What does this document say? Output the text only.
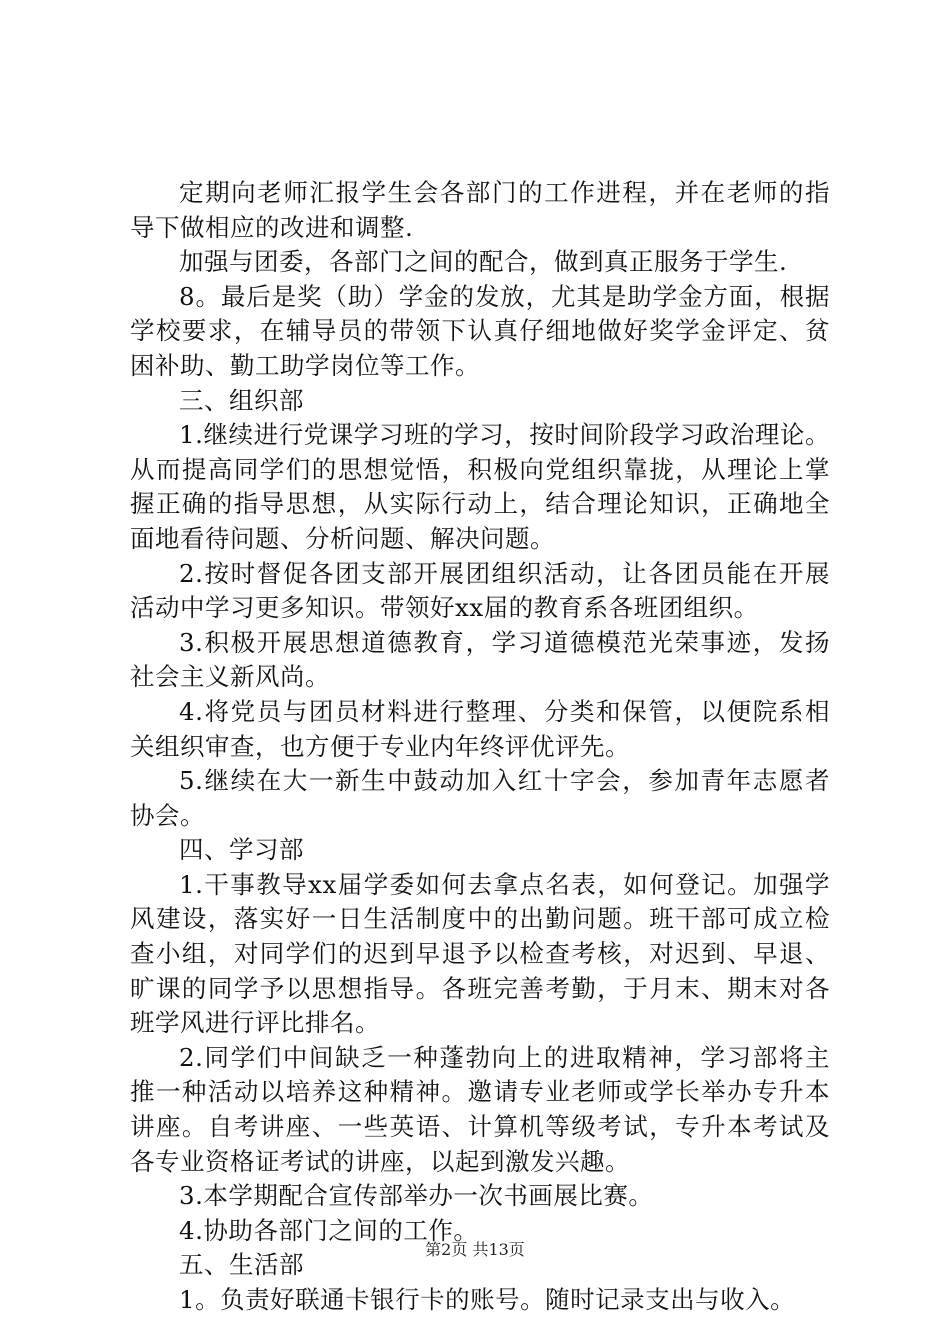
定期向老师汇报学生会各部门的工作进程，并在老师的指
导下做相应的改进和调整.
加强与团委，各部门之间的配合，做到真正服务于学生.
8。最后是奖（助）学金的发放，尤其是助学金方面，根据
学校要求，在辅导员的带领下认真仔细地做好奖学金评定、贫
困补助、勤工助学岗位等工作。
三、组织部
1.继续进行党课学习班的学习，按时间阶段学习政治理论。
从而提高同学们的思想觉悟，积极向党组织靠拢，从理论上掌
握正确的指导思想，从实际行动上，结合理论知识，正确地全
面地看待问题、分析问题、解决问题。
2.按时督促各团支部开展团组织活动，让各团员能在开展
活动中学习更多知识。带领好xx届的教育系各班团组织。
3.积极开展思想道德教育，学习道德模范光荣事迹，发扬
社会主义新风尚。
4.将党员与团员材料进行整理、分类和保管，以便院系相
关组织审查，也方便于专业内年终评优评先。
5.继续在大一新生中鼓动加入红十字会，参加青年志愿者
协会。
四、学习部
1.干事教导xx届学委如何去拿点名表，如何登记。加强学
风建设，落实好一日生活制度中的出勤问题。班干部可成立检
查小组，对同学们的迟到早退予以检查考核，对迟到、早退、
旷课的同学予以思想指导。各班完善考勤，于月末、期末对各
班学风进行评比排名。
2.同学们中间缺乏一种蓬勃向上的进取精神，学习部将主
推一种活动以培养这种精神。邀请专业老师或学长举办专升本
讲座。自考讲座、一些英语、计算机等级考试，专升本考试及
各专业资格证考试的讲座，以起到激发兴趣。
3.本学期配合宣传部举办一次书画展比赛。
4.协助各部门之间的工作。
五、生活部
1。负责好联通卡银行卡的账号。随时记录支出与收入。
第2页 共13页
